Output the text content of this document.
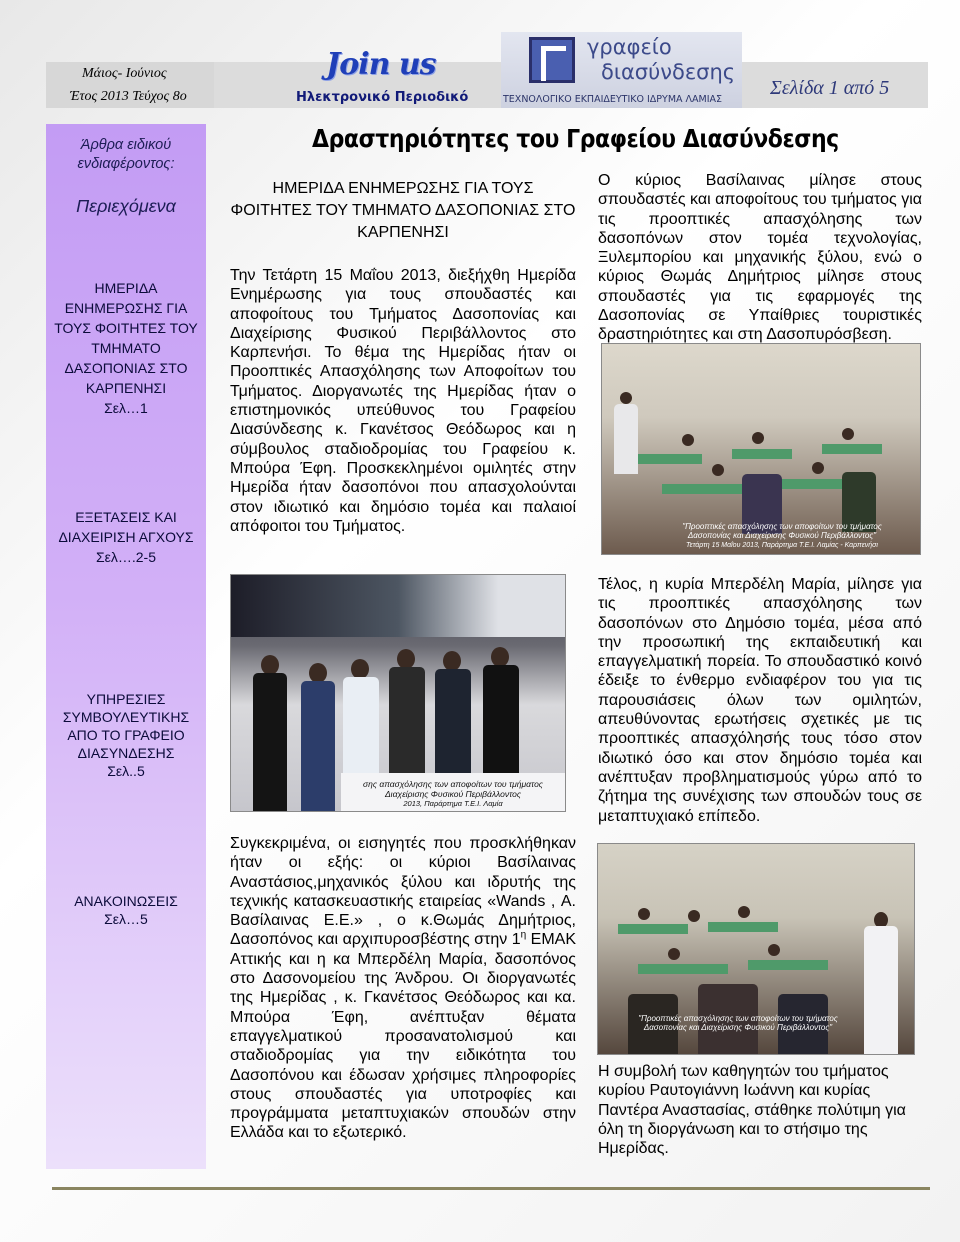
Μάιος- Ιούνιος
Έτος 2013 Τεύχος 8ο
Join us
Ηλεκτρονικό Περιοδικό
γραφείο
διασύνδεσης
ΤΕΧΝΟΛΟΓΙΚΟ ΕΚΠΑΙΔΕΥΤΙΚΟ ΙΔΡΥΜΑ ΛΑΜΙΑΣ
Σελίδα 1 από 5
Άρθρα ειδικού ενδιαφέροντος:
Περιεχόμενα
ΗΜΕΡΙΔΑ ΕΝΗΜΕΡΩΣΗΣ ΓΙΑ ΤΟΥΣ ΦΟΙΤΗΤΕΣ ΤΟΥ ΤΜΗΜΑΤΟ ΔΑΣΟΠΟΝΙΑΣ ΣΤΟ ΚΑΡΠΕΝΗΣΙ
Σελ…1
ΕΞΕΤΑΣΕΙΣ ΚΑΙ ΔΙΑΧΕΙΡΙΣΗ ΑΓΧΟΥΣ
Σελ….2-5
ΥΠΗΡΕΣΙΕΣ ΣΥΜΒΟΥΛΕΥΤΙΚΗΣ ΑΠΟ ΤΟ ΓΡΑΦΕΙΟ ΔΙΑΣΥΝΔΕΣΗΣ
Σελ..5
ΑΝΑΚΟΙΝΩΣΕΙΣ
Σελ…5
Δραστηριότητες του Γραφείου Διασύνδεσης
ΗΜΕΡΙΔΑ ΕΝΗΜΕΡΩΣΗΣ ΓΙΑ ΤΟΥΣ ΦΟΙΤΗΤΕΣ ΤΟΥ ΤΜΗΜΑΤΟ ΔΑΣΟΠΟΝΙΑΣ ΣΤΟ ΚΑΡΠΕΝΗΣΙ
Την Τετάρτη 15 Μαΐου 2013, διεξήχθη Ημερίδα Ενημέρωσης για τους σπουδαστές και αποφοίτους του Τμήματος Δασοπονίας και Διαχείρισης Φυσικού Περιβάλλοντος στο Καρπενήσι. Το θέμα της Ημερίδας ήταν οι Προοπτικές Απασχόλησης των Αποφοίτων του Τμήματος. Διοργανωτές της Ημερίδας ήταν ο επιστημονικός υπεύθυνος του Γραφείου Διασύνδεσης κ. Γκανέτσος Θεόδωρος και η σύμβουλος σταδιοδρομίας του Γραφείου κ. Μπούρα Έφη. Προσκεκλημένοι ομιλητές στην Ημερίδα ήταν δασοπόνοι που απασχολούνται στον ιδιωτικό και δημόσιο τομέα και παλαιοί απόφοιτοι του Τμήματος.
Ο κύριος Βασίλαινας μίλησε στους σπουδαστές και αποφοίτους του τμήματος για τις προοπτικές απασχόλησης των δασοπόνων στον τομέα τεχνολογίας, Ξυλεμπορίου και μηχανικής ξύλου, ενώ ο κύριος Θωμάς Δημήτριος μίλησε στους σπουδαστές για τις εφαρμογές της Δασοπονίας σε Υπαίθριες τουριστικές δραστηριότητες και στη Δασοπυρόσβεση.
Συγκεκριμένα, οι εισηγητές που προσκλήθηκαν ήταν οι εξής: οι κύριοι Βασίλαινας Αναστάσιος,μηχανικός ξύλου και ιδρυτής της τεχνικής κατασκευαστικής εταιρείας «Wands , Α. Βασίλαινας Ε.Ε.» , ο κ.Θωμάς Δημήτριος, Δασοπόνος και αρχιπυροσβέστης στην $1^\eta$ ΕΜΑΚ Αττικής και η κα Μπερδέλη Μαρία, δασοπόνος στο Δασονομείου της Άνδρου. Οι διοργανωτές της Ημερίδας , κ. Γκανέτσος Θεόδωρος και κα. Μπούρα Έφη, ανέπτυξαν θέματα επαγγελματικού προσανατολισμού και σταδιοδρομίας για την ειδικότητα του Δασοπόνου και έδωσαν χρήσιμες πληροφορίες στους σπουδαστές για υποτροφίες και προγράμματα μεταπτυχιακών σπουδών στην Ελλάδα και το εξωτερικό.
Τέλος, η κυρία Μπερδέλη Μαρία, μίλησε για τις προοπτικές απασχόλησης των δασοπόνων στο Δημόσιο τομέα, μέσα από την προσωπική της εκπαιδευτική και επαγγελματική πορεία. Το σπουδαστικό κοινό έδειξε το ένθερμο ενδιαφέρον του για τις παρουσιάσεις όλων των ομιλητών, απευθύνοντας ερωτήσεις σχετικές με τις προοπτικές απασχόλησής τους τόσο στον ιδιωτικό όσο και στον δημόσιο τομέα και ανέπτυξαν προβληματισμούς γύρω από το ζήτημα της συνέχισης των σπουδών τους σε μεταπτυχιακό επίπεδο.
Η συμβολή των καθηγητών του τμήματος κυρίου Ραυτογιάννη Ιωάννη και κυρίας Παντέρα Αναστασίας, στάθηκε πολύτιμη για όλη τη διοργάνωση και το στήσιμο της Ημερίδας.
"Προοπτικές απασχόλησης των αποφοίτων του τμήματος Δασοπονίας και Διαχείρισης Φυσικού Περιβάλλοντος"
Τετάρτη 15 Μαΐου 2013, Παράρτημα Τ.Ε.Ι. Λαμίας - Καρπενήσι
σης απασχόλησης των αποφοίτων του τμήματος Διαχείρισης Φυσικού Περιβάλλοντος
2013, Παράρτημα Τ.Ε.Ι. Λαμία
"Προοπτικές απασχόλησης των αποφοίτων του τμήματος Δασοπονίας και Διαχείρισης Φυσικού Περιβάλλοντος"
